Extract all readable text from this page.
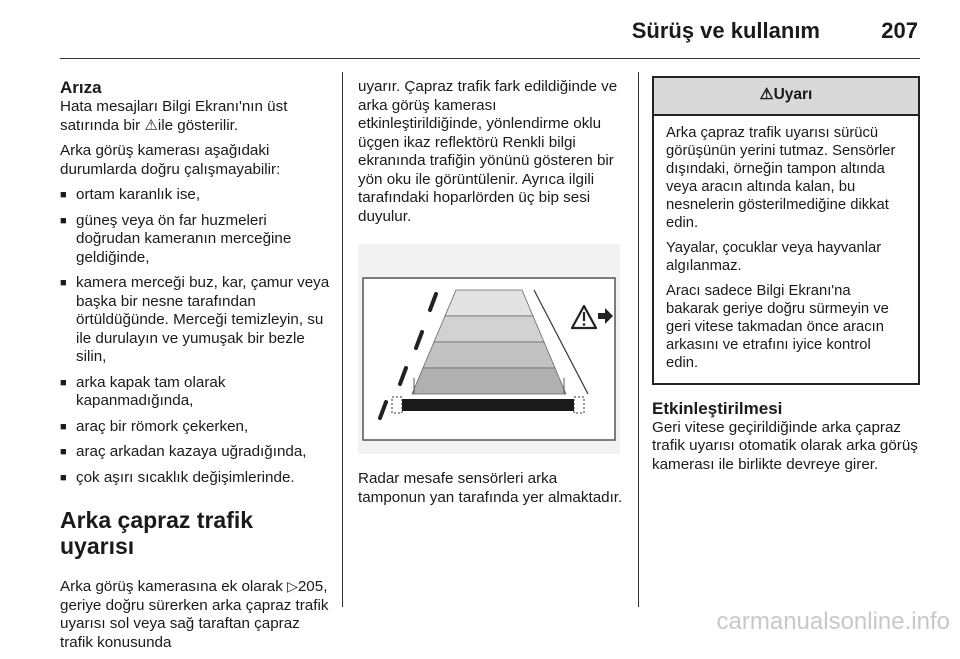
Sürüş ve kullanım	207
Arıza

Hata mesajları Bilgi Ekranı'nın üst satırında bir ⚠ile gösterilir.

Arka görüş kamerası aşağıdaki durumlarda doğru çalışmayabilir:

■ ortam karanlık ise,
■ güneş veya ön far huzmeleri doğrudan kameranın merceğine geldiğinde,
■ kamera merceği buz, kar, çamur veya başka bir nesne tarafından örtüldüğünde. Merceği temizleyin, su ile durulayın ve yumuşak bir bezle silin,
■ arka kapak tam olarak kapanmadığında,
■ araç bir römork çekerken,
■ araç arkadan kazaya uğradığında,
■ çok aşırı sıcaklık değişimlerinde.
Arka çapraz trafik uyarısı

Arka görüş kamerasına ek olarak ▷205, geriye doğru sürerken arka çapraz trafik uyarısı sol veya sağ taraftan çapraz trafik konusunda

uyarır. Çapraz trafik fark edildiğinde ve arka görüş kamerası etkinleştirildiğinde, yönlendirme oklu üçgen ikaz reflektörü Renkli bilgi ekranında trafiğin yönünü gösteren bir yön oku ile görüntülenir. Ayrıca ilgili tarafındaki hoparlörden üç bip sesi duyulur.

Radar mesafe sensörleri arka tamponun yan tarafında yer almaktadır.

⚠Uyarı

Arka çapraz trafik uyarısı sürücü görüşünün yerini tutmaz. Sensörler dışındaki, örneğin tampon altında veya aracın altında kalan, bu nesnelerin gösterilmediğine dikkat edin.

Yayalar, çocuklar veya hayvanlar algılanmaz.

Aracı sadece Bilgi Ekranı'na bakarak geriye doğru sürmeyin ve geri vitese takmadan önce aracın arkasını ve etrafını iyice kontrol edin.

Etkinleştirilmesi

Geri vitese geçirildiğinde arka çapraz trafik uyarısı otomatik olarak arka görüş kamerası ile birlikte devreye girer.

carmanualsonline.info
